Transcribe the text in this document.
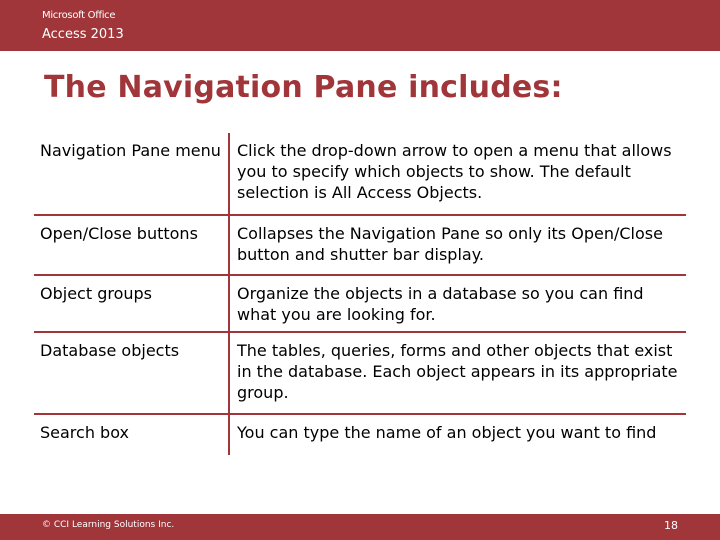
Microsoft Office
Access 2013
The Navigation Pane includes:
Navigation Pane menu	Click the drop-down arrow to open a menu that allows you to specify which objects to show. The default selection is All Access Objects.
Open/Close buttons	Collapses the Navigation Pane so only its Open/Close button and shutter bar display.
Object groups	Organize the objects in a database so you can find what you are looking for.
Database objects	The tables, queries, forms and other objects that exist in the database. Each object appears in its appropriate group.
Search box	You can type the name of an object you want to find
© CCI Learning Solutions Inc.	18
